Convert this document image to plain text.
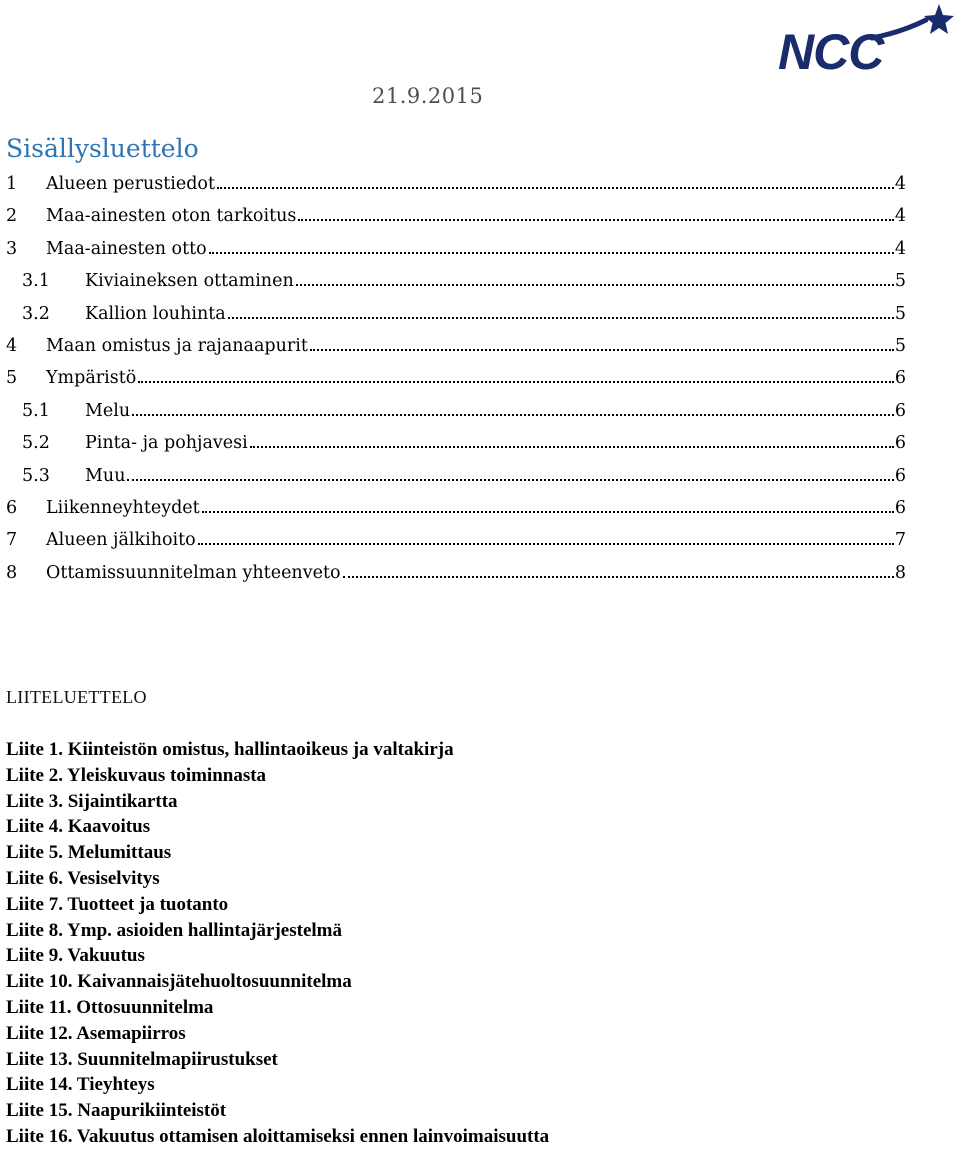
NCC
21.9.2015
Sisällysluettelo
1	Alueen perustiedot	4
2	Maa-ainesten oton tarkoitus	4
3	Maa-ainesten otto	4
3.1	Kiviaineksen ottaminen	5
3.2	Kallion louhinta	5
4	Maan omistus ja rajanaapurit	5
5	Ympäristö	6
5.1	Melu	6
5.2	Pinta- ja pohjavesi	6
5.3	Muu	6
6	Liikenneyhteydet	6
7	Alueen jälkihoito	7
8	Ottamissuunnitelman yhteenveto	8
LIITELUETTELO
Liite 1. Kiinteistön omistus, hallintaoikeus ja valtakirja
Liite 2. Yleiskuvaus toiminnasta
Liite 3. Sijaintikartta
Liite 4. Kaavoitus
Liite 5. Melumittaus
Liite 6. Vesiselvitys
Liite 7. Tuotteet ja tuotanto
Liite 8. Ymp. asioiden hallintajärjestelmä
Liite 9. Vakuutus
Liite 10. Kaivannaisjätehuoltosuunnitelma
Liite 11. Ottosuunnitelma
Liite 12. Asemapiirros
Liite 13. Suunnitelmapiirustukset
Liite 14. Tieyhteys
Liite 15. Naapurikiinteistöt
Liite 16. Vakuutus ottamisen aloittamiseksi ennen lainvoimaisuutta
